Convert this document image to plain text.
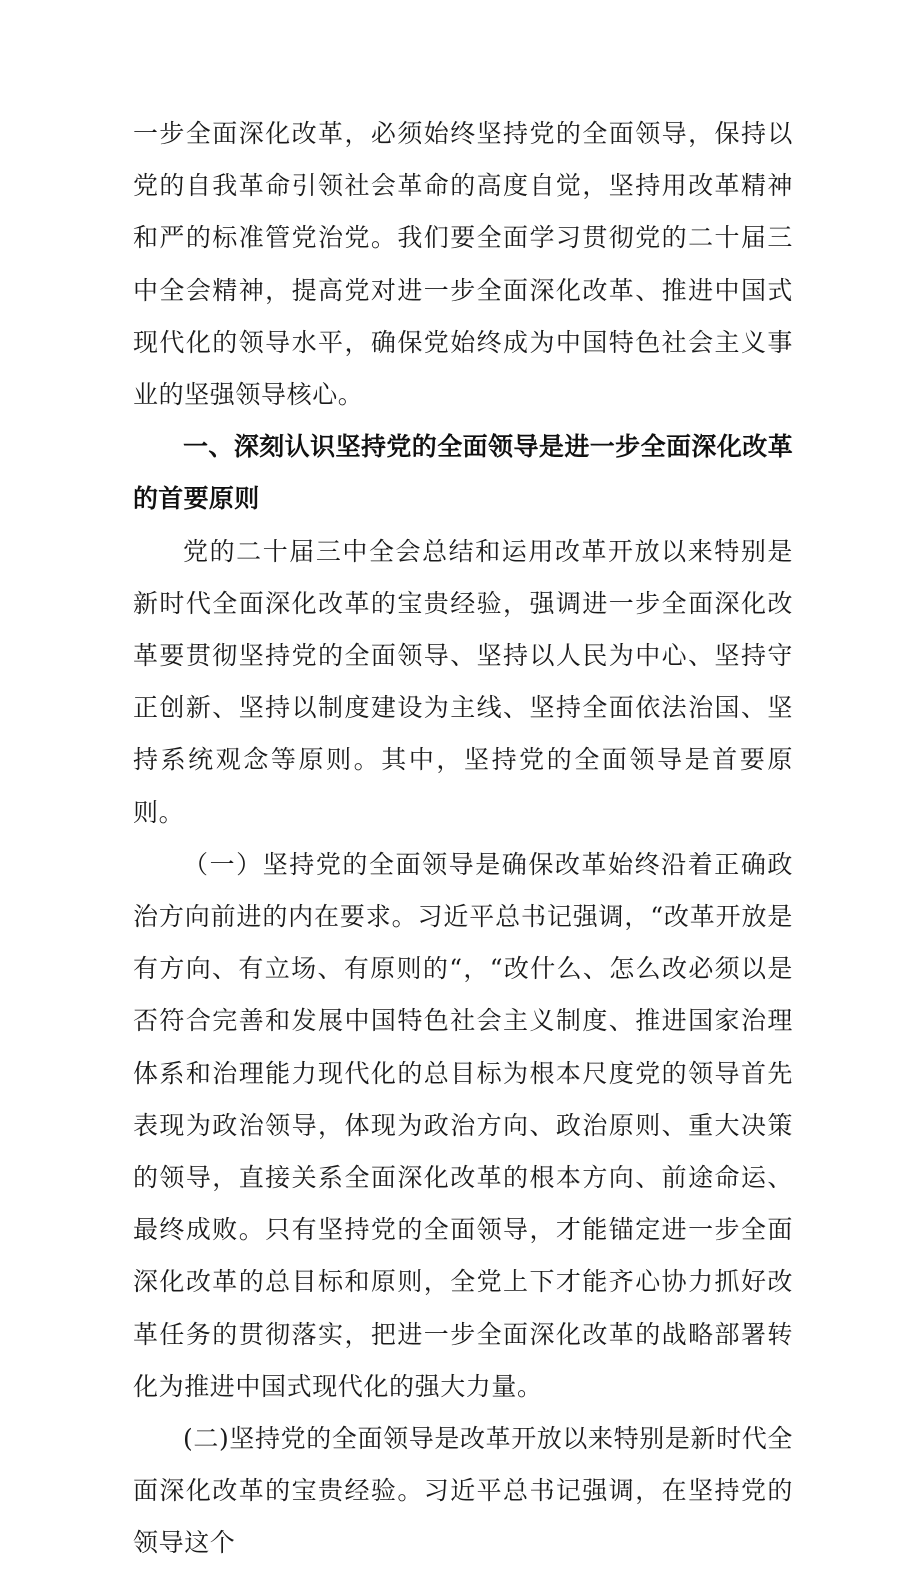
一步全面深化改革，必须始终坚持党的全面领导，保持以党的自我革命引领社会革命的高度自觉，坚持用改革精神和严的标准管党治党。我们要全面学习贯彻党的二十届三中全会精神，提高党对进一步全面深化改革、推进中国式现代化的领导水平，确保党始终成为中国特色社会主义事业的坚强领导核心。

一、深刻认识坚持党的全面领导是进一步全面深化改革的首要原则

党的二十届三中全会总结和运用改革开放以来特别是新时代全面深化改革的宝贵经验，强调进一步全面深化改革要贯彻坚持党的全面领导、坚持以人民为中心、坚持守正创新、坚持以制度建设为主线、坚持全面依法治国、坚持系统观念等原则。其中，坚持党的全面领导是首要原则。

（一）坚持党的全面领导是确保改革始终沿着正确政治方向前进的内在要求。习近平总书记强调，“改革开放是有方向、有立场、有原则的“，“改什么、怎么改必须以是否符合完善和发展中国特色社会主义制度、推进国家治理体系和治理能力现代化的总目标为根本尺度党的领导首先表现为政治领导，体现为政治方向、政治原则、重大决策的领导，直接关系全面深化改革的根本方向、前途命运、最终成败。只有坚持党的全面领导，才能锚定进一步全面深化改革的总目标和原则，全党上下才能齐心协力抓好改革任务的贯彻落实，把进一步全面深化改革的战略部署转化为推进中国式现代化的强大力量。

(二)坚持党的全面领导是改革开放以来特别是新时代全面深化改革的宝贵经验。习近平总书记强调，在坚持党的领导这个
